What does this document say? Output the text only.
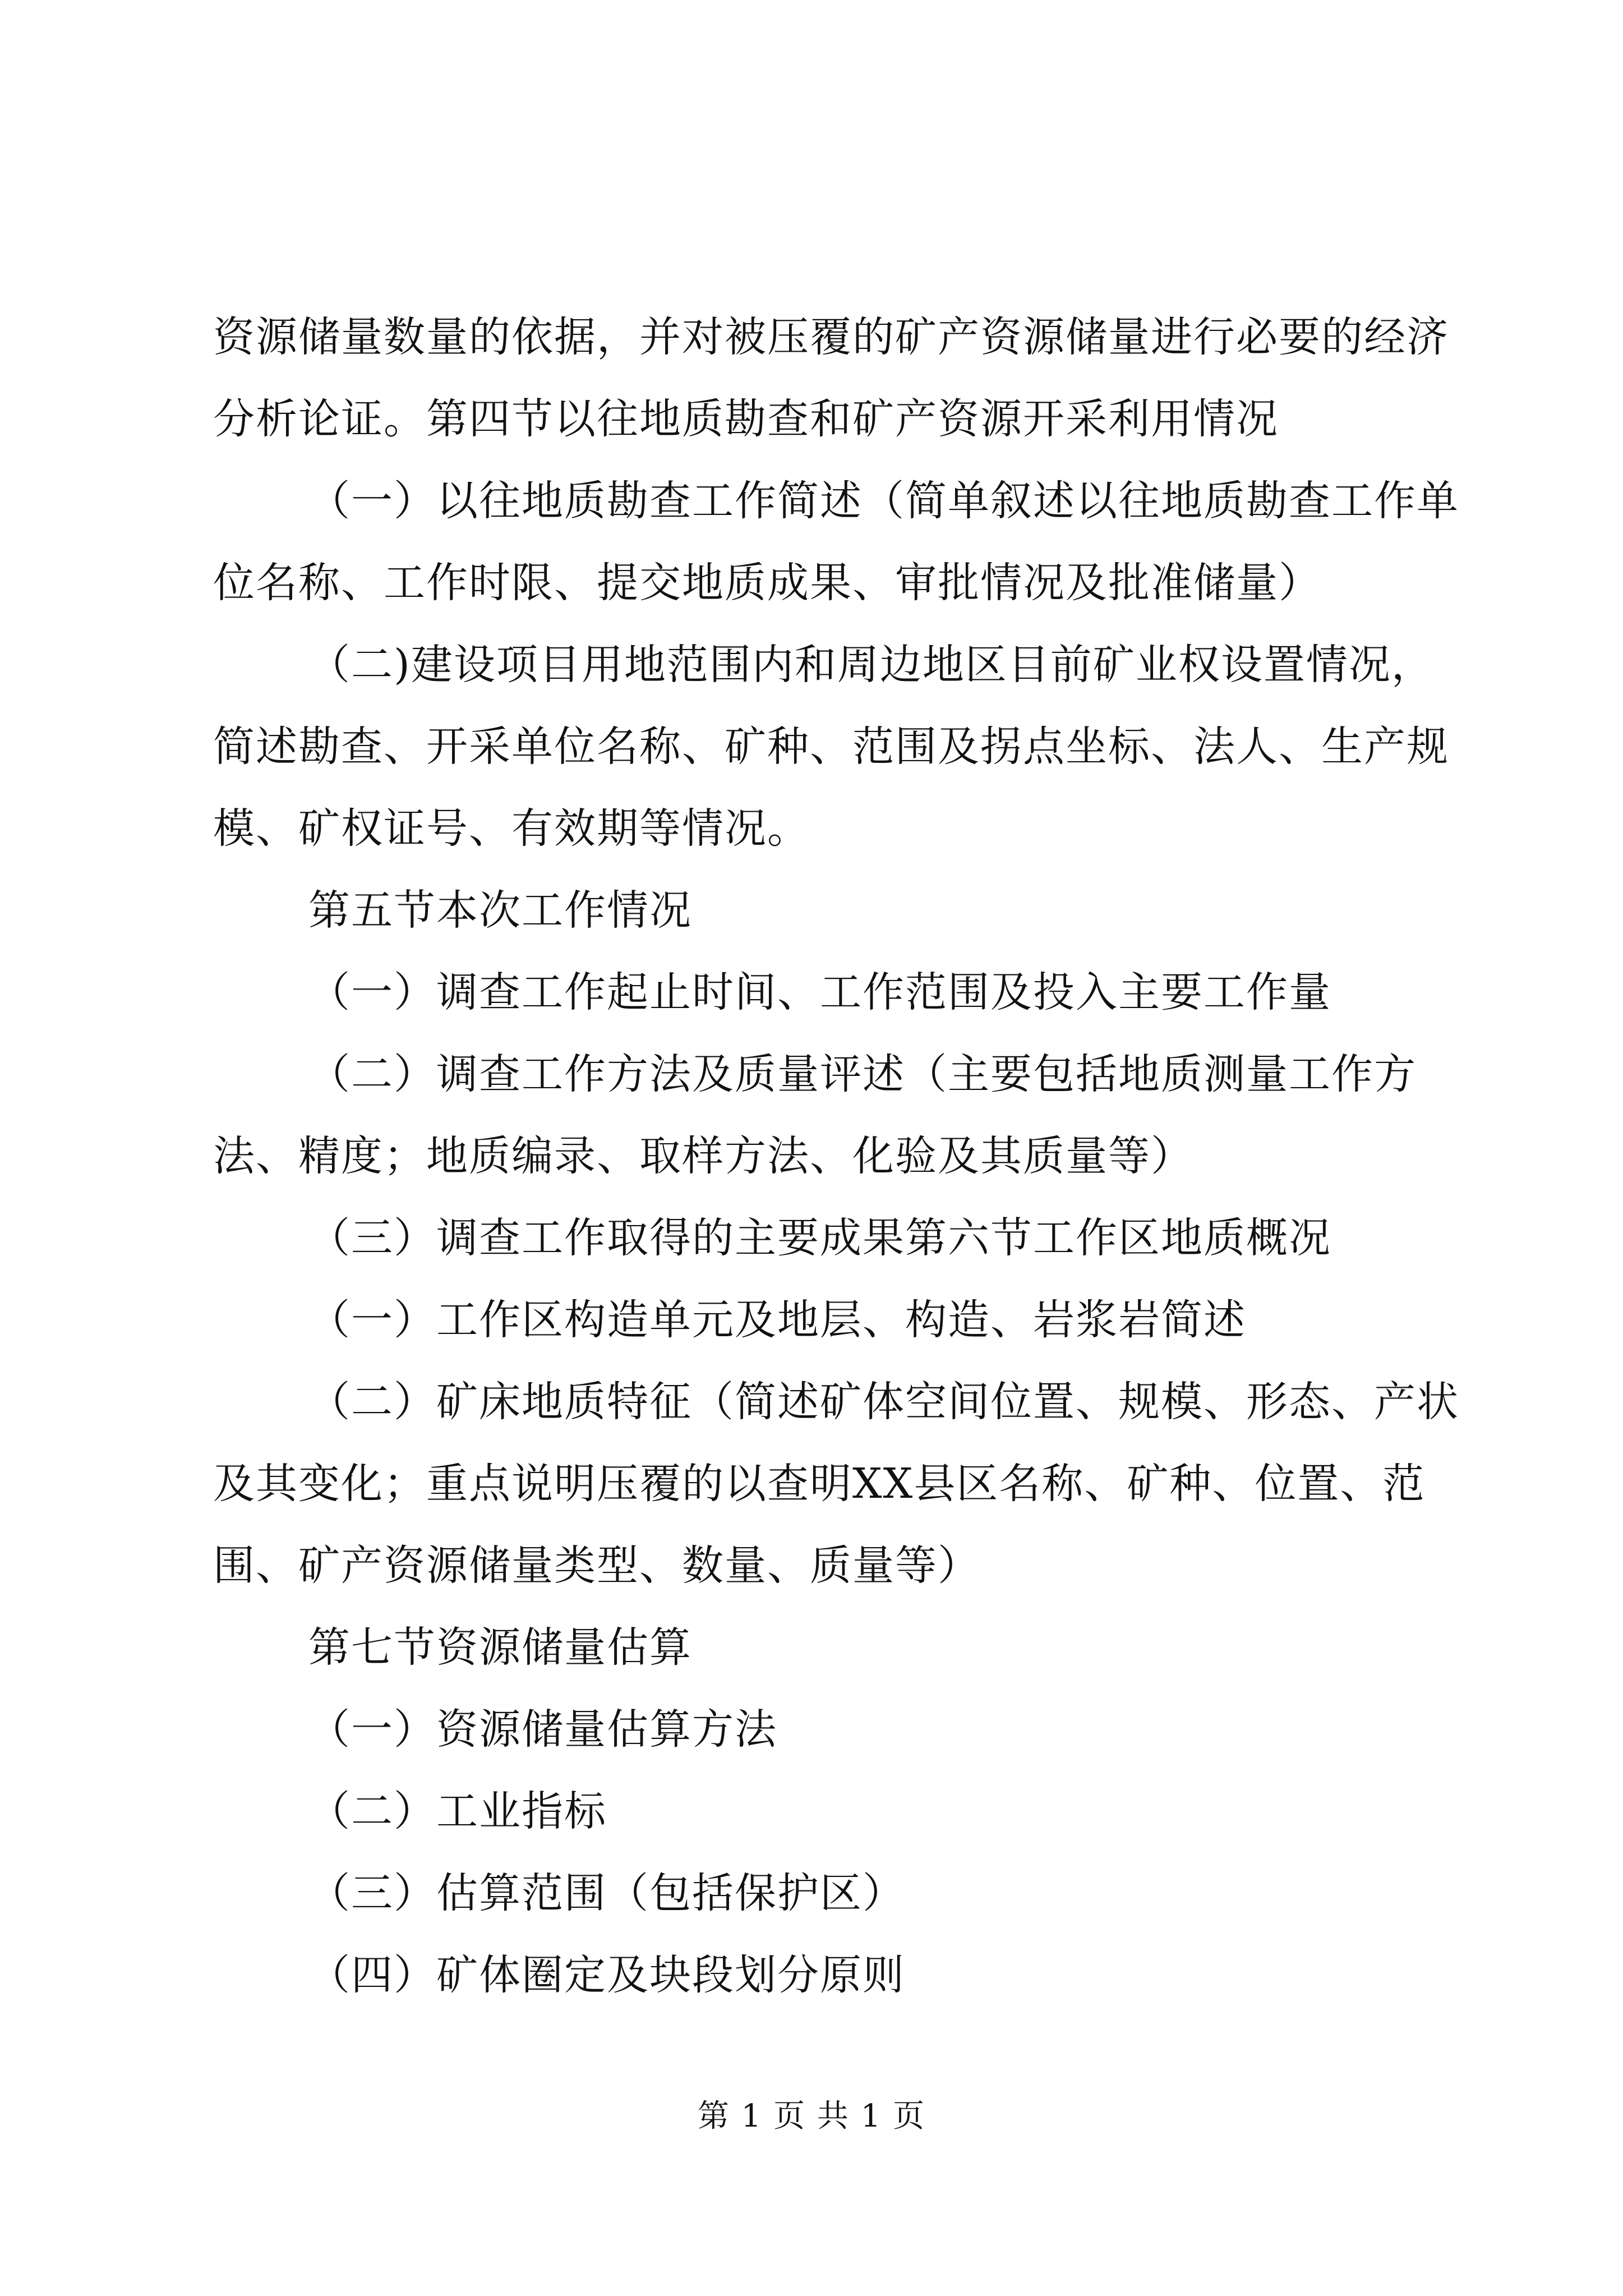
资源储量数量的依据，并对被压覆的矿产资源储量进行必要的经济分析论证。第四节以往地质勘查和矿产资源开采利用情况

（一）以往地质勘查工作简述（简单叙述以往地质勘查工作单位名称、工作时限、提交地质成果、审批情况及批准储量）

（二)建设项目用地范围内和周边地区目前矿业权设置情况，简述勘查、开采单位名称、矿种、范围及拐点坐标、法人、生产规模、矿权证号、有效期等情况。

第五节本次工作情况

（一）调查工作起止时间、工作范围及投入主要工作量

（二）调查工作方法及质量评述（主要包括地质测量工作方法、精度；地质编录、取样方法、化验及其质量等）

（三）调查工作取得的主要成果第六节工作区地质概况

（一）工作区构造单元及地层、构造、岩浆岩简述

（二）矿床地质特征（简述矿体空间位置、规模、形态、产状及其变化；重点说明压覆的以查明XX县区名称、矿种、位置、范围、矿产资源储量类型、数量、质量等）

第七节资源储量估算

（一）资源储量估算方法

（二）工业指标

（三）估算范围（包括保护区）

（四）矿体圈定及块段划分原则

第 1 页 共 1 页
